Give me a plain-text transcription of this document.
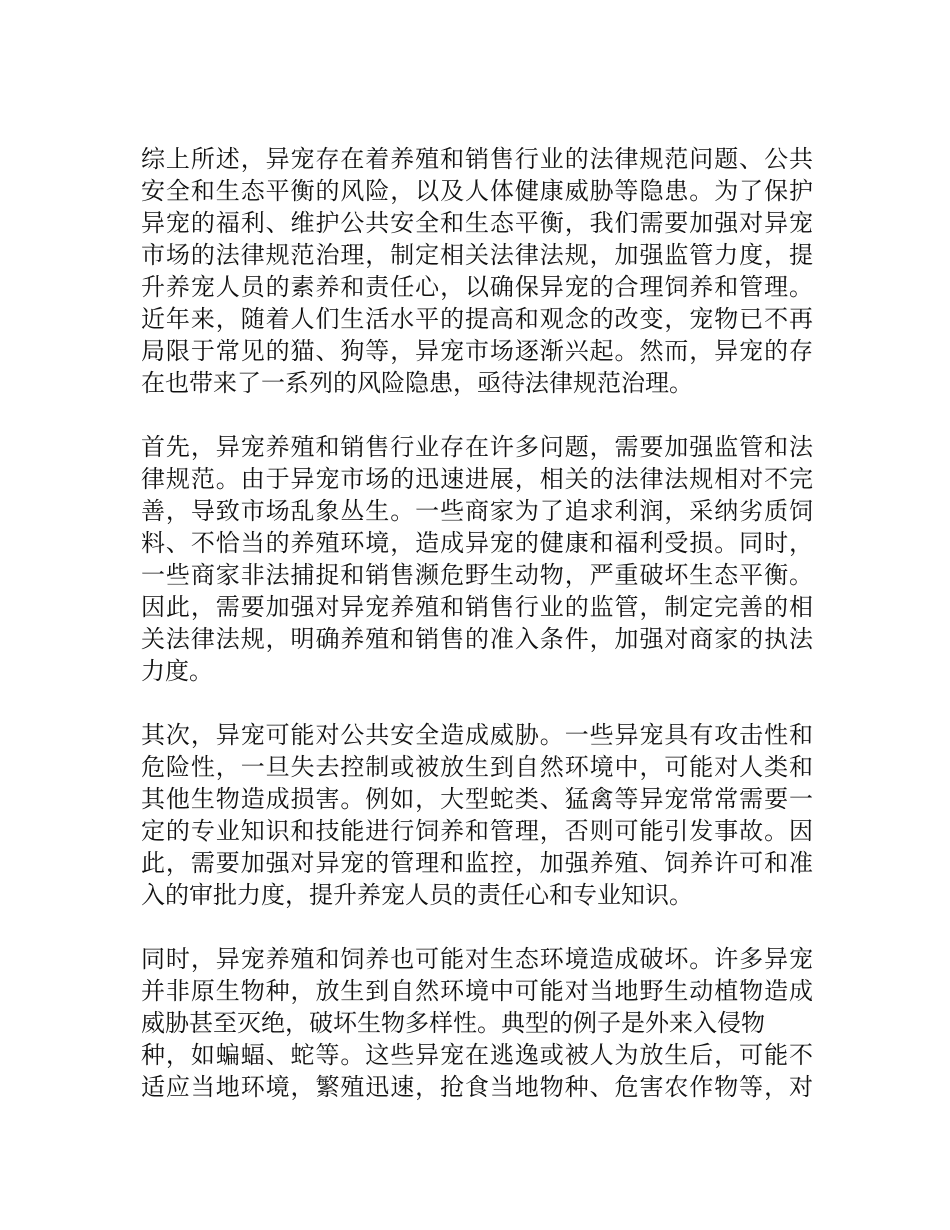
综上所述，异宠存在着养殖和销售行业的法律规范问题、公共
安全和生态平衡的风险，以及人体健康威胁等隐患。为了保护
异宠的福利、维护公共安全和生态平衡，我们需要加强对异宠
市场的法律规范治理，制定相关法律法规，加强监管力度，提
升养宠人员的素养和责任心，以确保异宠的合理饲养和管理。
近年来，随着人们生活水平的提高和观念的改变，宠物已不再
局限于常见的猫、狗等，异宠市场逐渐兴起。然而，异宠的存
在也带来了一系列的风险隐患，亟待法律规范治理。

首先，异宠养殖和销售行业存在许多问题，需要加强监管和法
律规范。由于异宠市场的迅速进展，相关的法律法规相对不完
善，导致市场乱象丛生。一些商家为了追求利润，采纳劣质饲
料、不恰当的养殖环境，造成异宠的健康和福利受损。同时，
一些商家非法捕捉和销售濒危野生动物，严重破坏生态平衡。
因此，需要加强对异宠养殖和销售行业的监管，制定完善的相
关法律法规，明确养殖和销售的准入条件，加强对商家的执法
力度。

其次，异宠可能对公共安全造成威胁。一些异宠具有攻击性和
危险性，一旦失去控制或被放生到自然环境中，可能对人类和
其他生物造成损害。例如，大型蛇类、猛禽等异宠常常需要一
定的专业知识和技能进行饲养和管理，否则可能引发事故。因
此，需要加强对异宠的管理和监控，加强养殖、饲养许可和准
入的审批力度，提升养宠人员的责任心和专业知识。

同时，异宠养殖和饲养也可能对生态环境造成破坏。许多异宠
并非原生物种，放生到自然环境中可能对当地野生动植物造成
威胁甚至灭绝，破坏生物多样性。典型的例子是外来入侵物
种，如蝙蝠、蛇等。这些异宠在逃逸或被人为放生后，可能不
适应当地环境，繁殖迅速，抢食当地物种、危害农作物等，对
